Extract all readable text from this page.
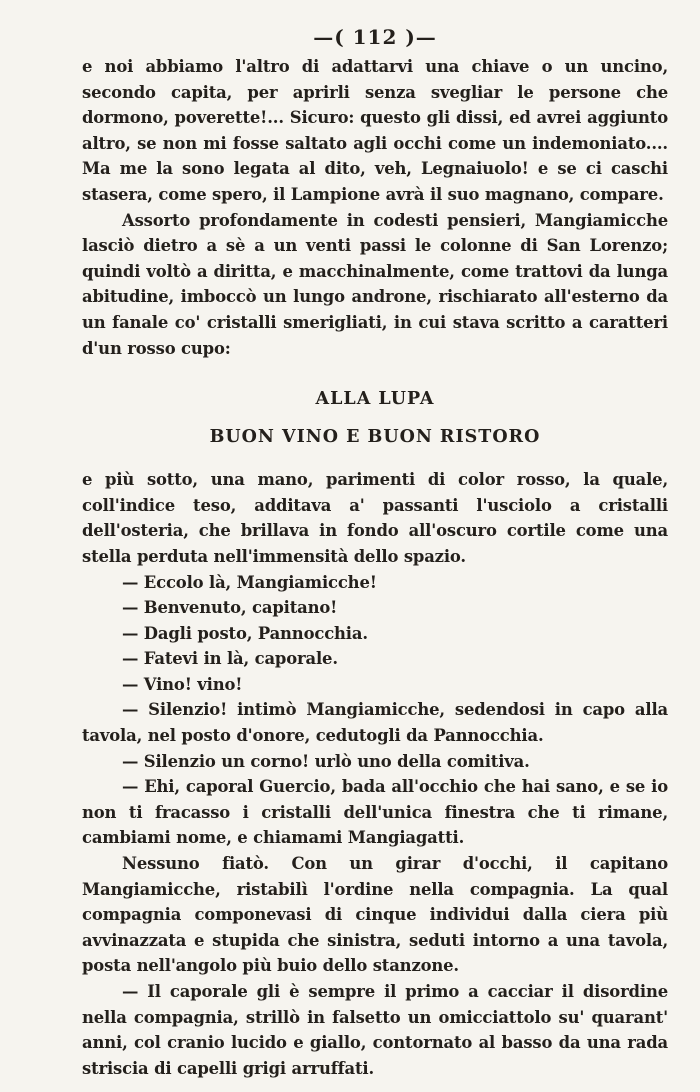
—( 112 )—

e noi abbiamo l'altro di adattarvi una chiave o un uncino, secondo capita, per aprirli senza svegliar le persone che dormono, poverette!... Sicuro: questo gli dissi, ed avrei aggiunto altro, se non mi fosse saltato agli occhi come un indemoniato.... Ma me la sono legata al dito, veh, Legnaiuolo! e se ci caschi stasera, come spero, il Lampione avrà il suo magnano, compare.

Assorto profondamente in codesti pensieri, Mangiamicche lasciò dietro a sè a un venti passi le colonne di San Lorenzo; quindi voltò a diritta, e macchinalmente, come trattovi da lunga abitudine, imboccò un lungo androne, rischiarato all'esterno da un fanale co' cristalli smerigliati, in cui stava scritto a caratteri d'un rosso cupo:

ALLA LUPA
BUON VINO E BUON RISTORO

e più sotto, una mano, parimenti di color rosso, la quale, coll'indice teso, additava a' passanti l'usciolo a cristalli dell'osteria, che brillava in fondo all'oscuro cortile come una stella perduta nell'immensità dello spazio.

— Eccolo là, Mangiamicche!

— Benvenuto, capitano!

— Dagli posto, Pannocchia.

— Fatevi in là, caporale.

— Vino! vino!

— Silenzio! intimò Mangiamicche, sedendosi in capo alla tavola, nel posto d'onore, cedutogli da Pannocchia.

— Silenzio un corno! urlò uno della comitiva.

— Ehi, caporal Guercio, bada all'occhio che hai sano, e se io non ti fracasso i cristalli dell'unica finestra che ti rimane, cambiami nome, e chiamami Mangiagatti.

Nessuno fiatò. Con un girar d'occhi, il capitano Mangiamicche, ristabilì l'ordine nella compagnia. La qual compagnia componevasi di cinque individui dalla ciera più avvinazzata e stupida che sinistra, seduti intorno a una tavola, posta nell'angolo più buio dello stanzone.

— Il caporale gli è sempre il primo a cacciar il disordine nella compagnia, strillò in falsetto un omicciattolo su' quarant' anni, col cranio lucido e giallo, contornato al basso da una rada striscia di capelli grigi arruffati.
